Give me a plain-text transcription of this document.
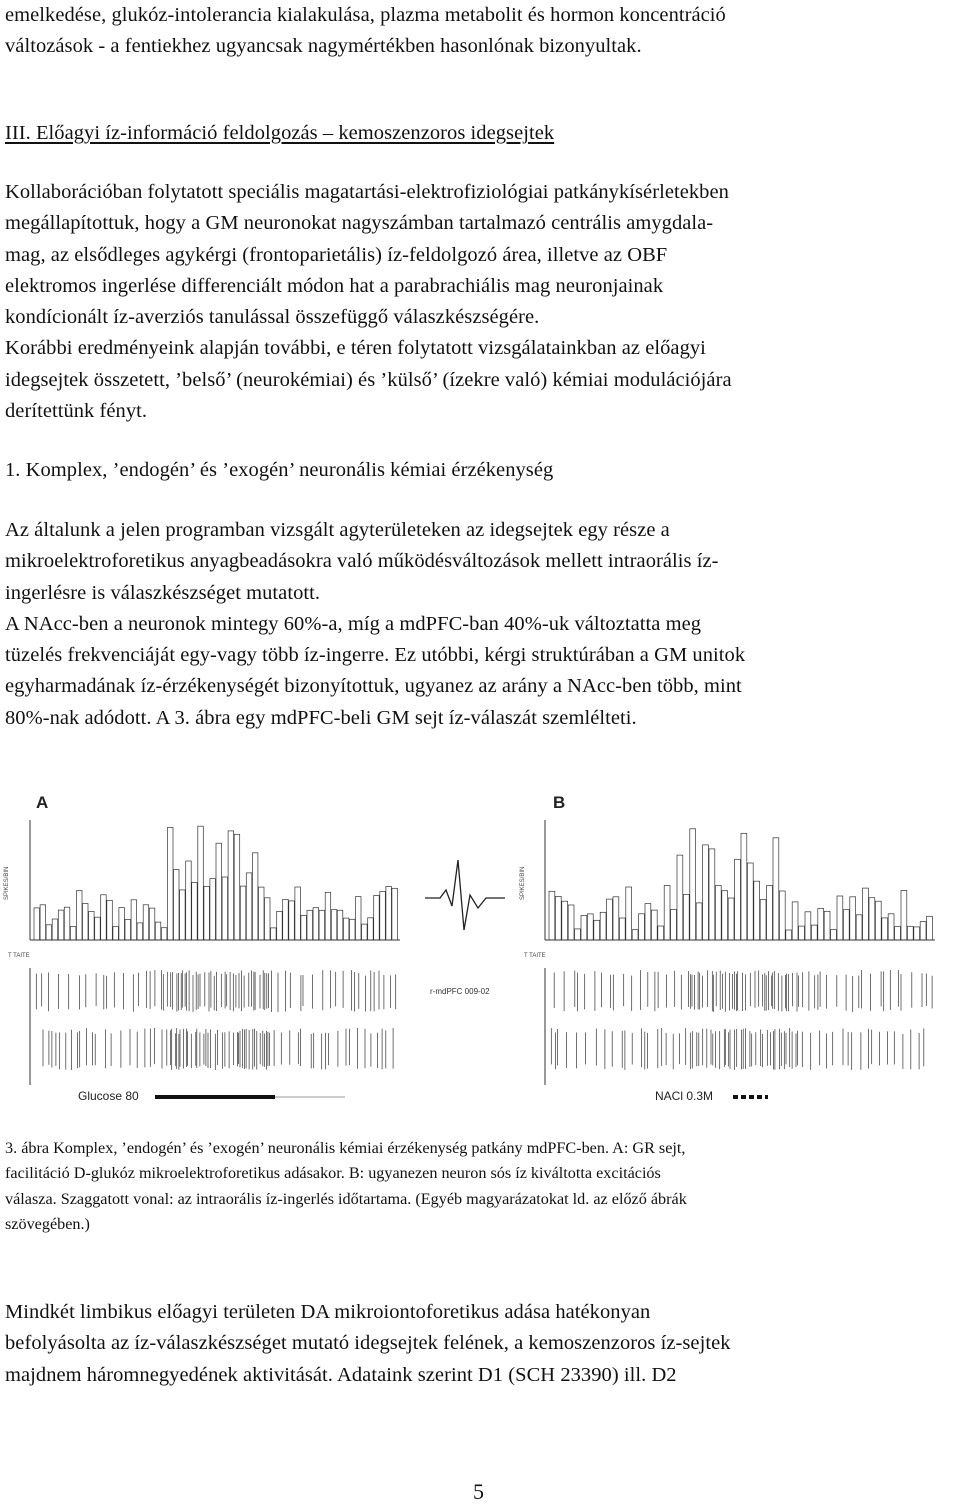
emelkedése, glukóz-intolerancia kialakulása, plazma metabolit és hormon koncentráció
változások - a fentiekhez ugyancsak nagymértékben hasonlónak bizonyultak.
III. Előagyi íz-információ feldolgozás – kemoszenzoros idegsejtek
Kollaborációban folytatott speciális magatartási-elektrofiziológiai patkánykísérletekben
megállapítottuk, hogy a GM neuronokat nagyszámban tartalmazó centrális amygdala-
mag, az elsődleges agykérgi (frontoparietális) íz-feldolgozó área, illetve az OBF
elektromos ingerlése differenciált módon hat a parabrachiális mag neuronjainak
kondícionált íz-averziós tanulással összefüggő válaszkészségére.
Korábbi eredményeink alapján további, e téren folytatott vizsgálatainkban az előagyi
idegsejtek összetett, ’belső’ (neurokémiai) és ’külső’ (ízekre való) kémiai modulációjára
derítettünk fényt.
1. Komplex, ’endogén’ és ’exogén’ neuronális kémiai érzékenység
Az általunk a jelen programban vizsgált agyterületeken az idegsejtek egy része a
mikroelektroforetikus anyagbeadásokra való működésváltozások mellett intraorális íz-
ingerlésre is válaszkészséget mutatott.
A NAcc-ben a neuronok mintegy 60%-a, míg a mdPFC-ban 40%-uk változtatta meg
tüzelés frekvenciáját egy-vagy több íz-ingerre. Ez utóbbi, kérgi struktúrában a GM unitok
egyharmadának íz-érzékenységét bizonyítottuk, ugyanez az arány a NAcc-ben több, mint
80%-nak adódott. A 3. ábra egy mdPFC-beli GM sejt íz-válaszát szemlélteti.
A	B
SPIKES/BIN	SPIKES/BIN
T TAITE	T TAITE
r-mdPFC 009-02
Glucose 80	NACl 0.3M
3. ábra Komplex, ’endogén’ és ’exogén’ neuronális kémiai érzékenység patkány mdPFC-ben. A: GR sejt,
facilitáció D-glukóz mikroelektroforetikus adásakor. B: ugyanezen neuron sós íz kiváltotta excitációs
válasza. Szaggatott vonal: az intraorális íz-ingerlés időtartama. (Egyéb magyarázatokat ld. az előző ábrák
szövegében.)
Mindkét limbikus előagyi területen DA mikroiontoforetikus adása hatékonyan
befolyásolta az íz-válaszkészséget mutató idegsejtek felének, a kemoszenzoros íz-sejtek
majdnem háromnegyedének aktivitását. Adataink szerint D1 (SCH 23390) ill. D2
5
